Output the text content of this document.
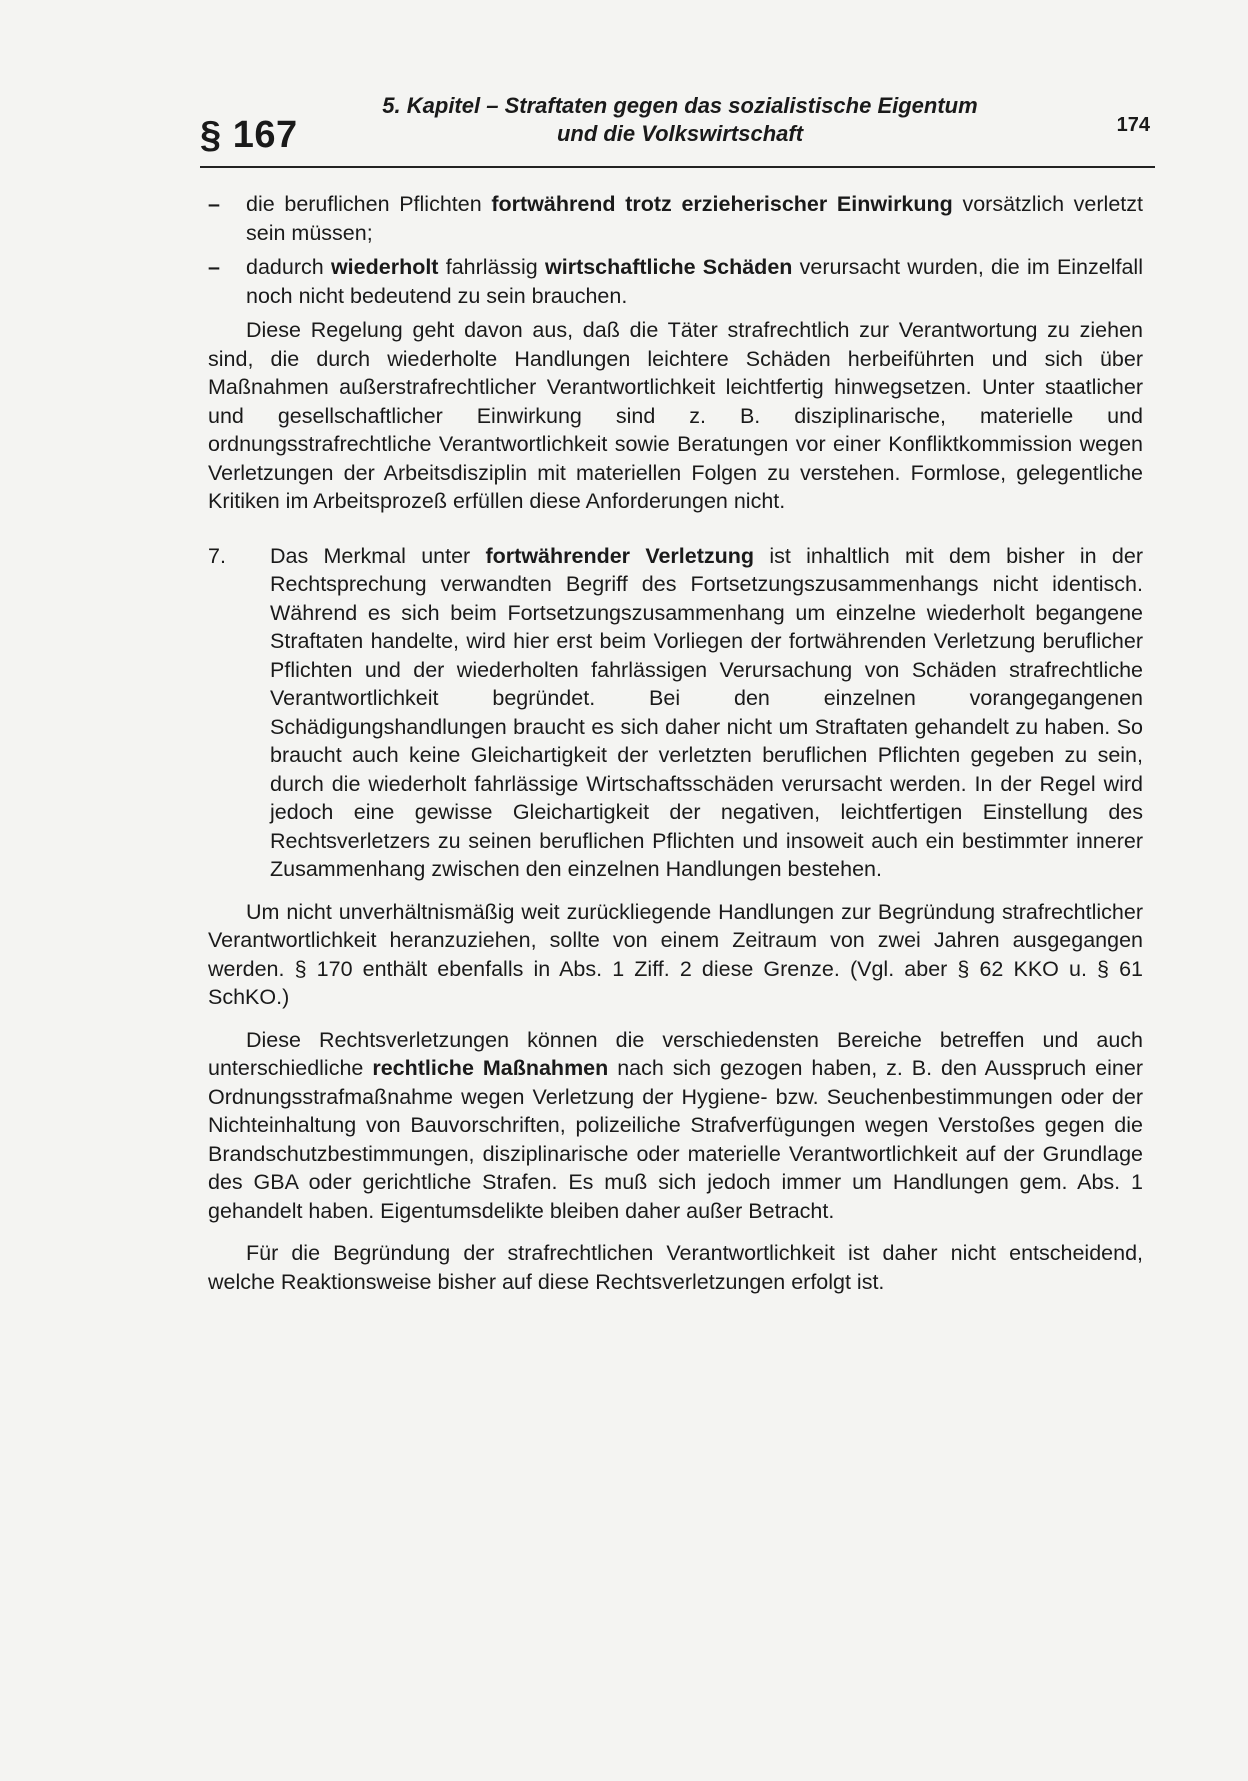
§ 167
5. Kapitel – Straftaten gegen das sozialistische Eigentum
und die Volkswirtschaft	174
– die beruflichen Pflichten fortwährend trotz erzieherischer Einwirkung vorsätzlich verletzt sein müssen;
– dadurch wiederholt fahrlässig wirtschaftliche Schäden verursacht wurden, die im Einzelfall noch nicht bedeutend zu sein brauchen.

Diese Regelung geht davon aus, daß die Täter strafrechtlich zur Verantwortung zu ziehen sind, die durch wiederholte Handlungen leichtere Schäden herbeiführten und sich über Maßnahmen außerstrafrechtlicher Verantwortlichkeit leichtfertig hinwegsetzen. Unter staatlicher und gesellschaftlicher Einwirkung sind z. B. disziplinarische, materielle und ordnungsstrafrechtliche Verantwortlichkeit sowie Beratungen vor einer Konfliktkommission wegen Verletzungen der Arbeitsdisziplin mit materiellen Folgen zu verstehen. Formlose, gelegentliche Kritiken im Arbeitsprozeß erfüllen diese Anforderungen nicht.

7. Das Merkmal unter fortwährender Verletzung ist inhaltlich mit dem bisher in der Rechtsprechung verwandten Begriff des Fortsetzungszusammenhangs nicht identisch. Während es sich beim Fortsetzungszusammenhang um einzelne wiederholt begangene Straftaten handelte, wird hier erst beim Vorliegen der fortwährenden Verletzung beruflicher Pflichten und der wiederholten fahrlässigen Verursachung von Schäden strafrechtliche Verantwortlichkeit begründet. Bei den einzelnen vorangegangenen Schädigungshandlungen braucht es sich daher nicht um Straftaten gehandelt zu haben. So braucht auch keine Gleichartigkeit der verletzten beruflichen Pflichten gegeben zu sein, durch die wiederholt fahrlässige Wirtschaftsschäden verursacht werden. In der Regel wird jedoch eine gewisse Gleichartigkeit der negativen, leichtfertigen Einstellung des Rechtsverletzers zu seinen beruflichen Pflichten und insoweit auch ein bestimmter innerer Zusammenhang zwischen den einzelnen Handlungen bestehen.

Um nicht unverhältnismäßig weit zurückliegende Handlungen zur Begründung strafrechtlicher Verantwortlichkeit heranzuziehen, sollte von einem Zeitraum von zwei Jahren ausgegangen werden. § 170 enthält ebenfalls in Abs. 1 Ziff. 2 diese Grenze. (Vgl. aber § 62 KKO u. § 61 SchKO.)

Diese Rechtsverletzungen können die verschiedensten Bereiche betreffen und auch unterschiedliche rechtliche Maßnahmen nach sich gezogen haben, z. B. den Ausspruch einer Ordnungsstrafmaßnahme wegen Verletzung der Hygiene- bzw. Seuchenbestimmungen oder der Nichteinhaltung von Bauvorschriften, polizeiliche Strafverfügungen wegen Verstoßes gegen die Brandschutzbestimmungen, disziplinarische oder materielle Verantwortlichkeit auf der Grundlage des GBA oder gerichtliche Strafen. Es muß sich jedoch immer um Handlungen gem. Abs. 1 gehandelt haben. Eigentumsdelikte bleiben daher außer Betracht.

Für die Begründung der strafrechtlichen Verantwortlichkeit ist daher nicht entscheidend, welche Reaktionsweise bisher auf diese Rechtsverletzungen erfolgt ist.
